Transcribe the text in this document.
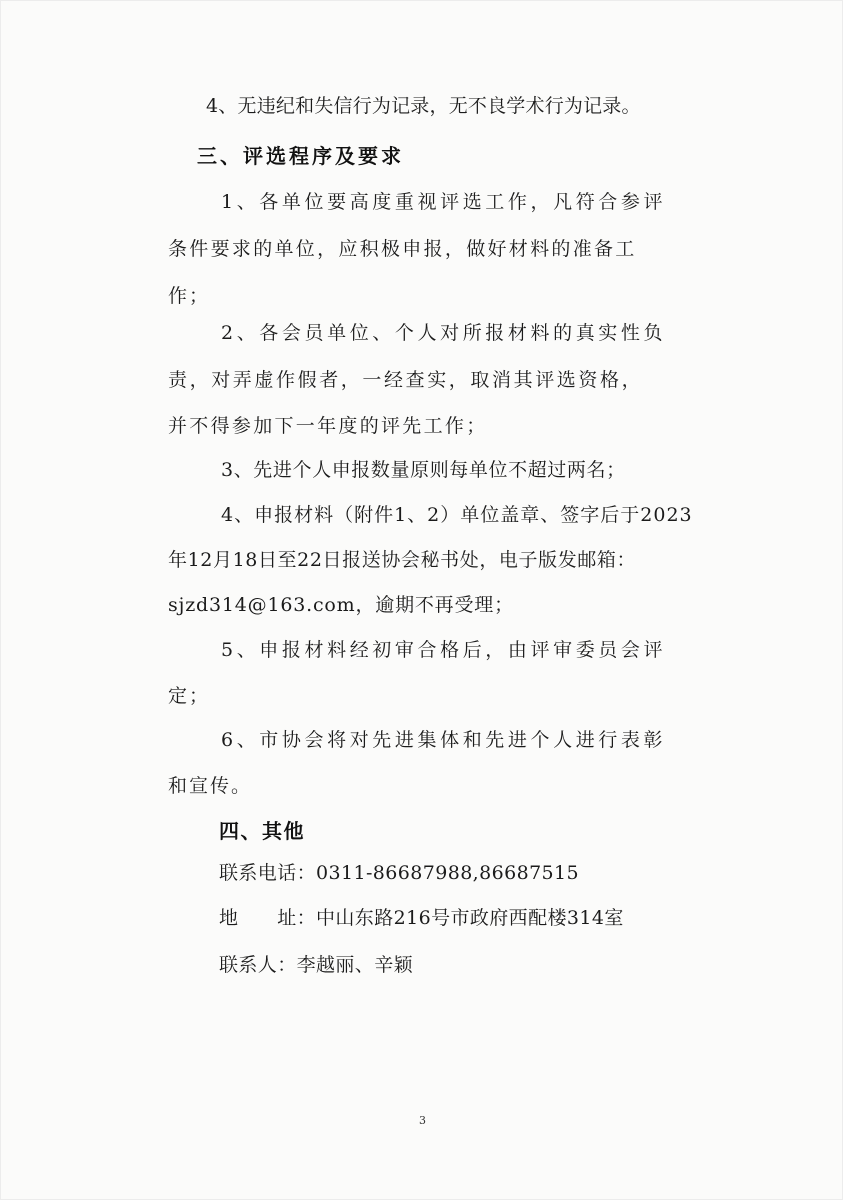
4、无违纪和失信行为记录，无不良学术行为记录。
三、评选程序及要求
1、各单位要高度重视评选工作，凡符合参评
条件要求的单位，应积极申报，做好材料的准备工
作；
2、各会员单位、个人对所报材料的真实性负
责，对弄虚作假者，一经查实，取消其评选资格，
并不得参加下一年度的评先工作；
3、先进个人申报数量原则每单位不超过两名；
4、申报材料（附件1、2）单位盖章、签字后于2023
年12月18日至22日报送协会秘书处，电子版发邮箱：
sjzd314@163.com，逾期不再受理；
5、申报材料经初审合格后，由评审委员会评
定；
6、市协会将对先进集体和先进个人进行表彰
和宣传。
四、其他
联系电话：0311-86687988,86687515
地　　址：中山东路216号市政府西配楼314室
联系人：李越丽、辛颖
3
